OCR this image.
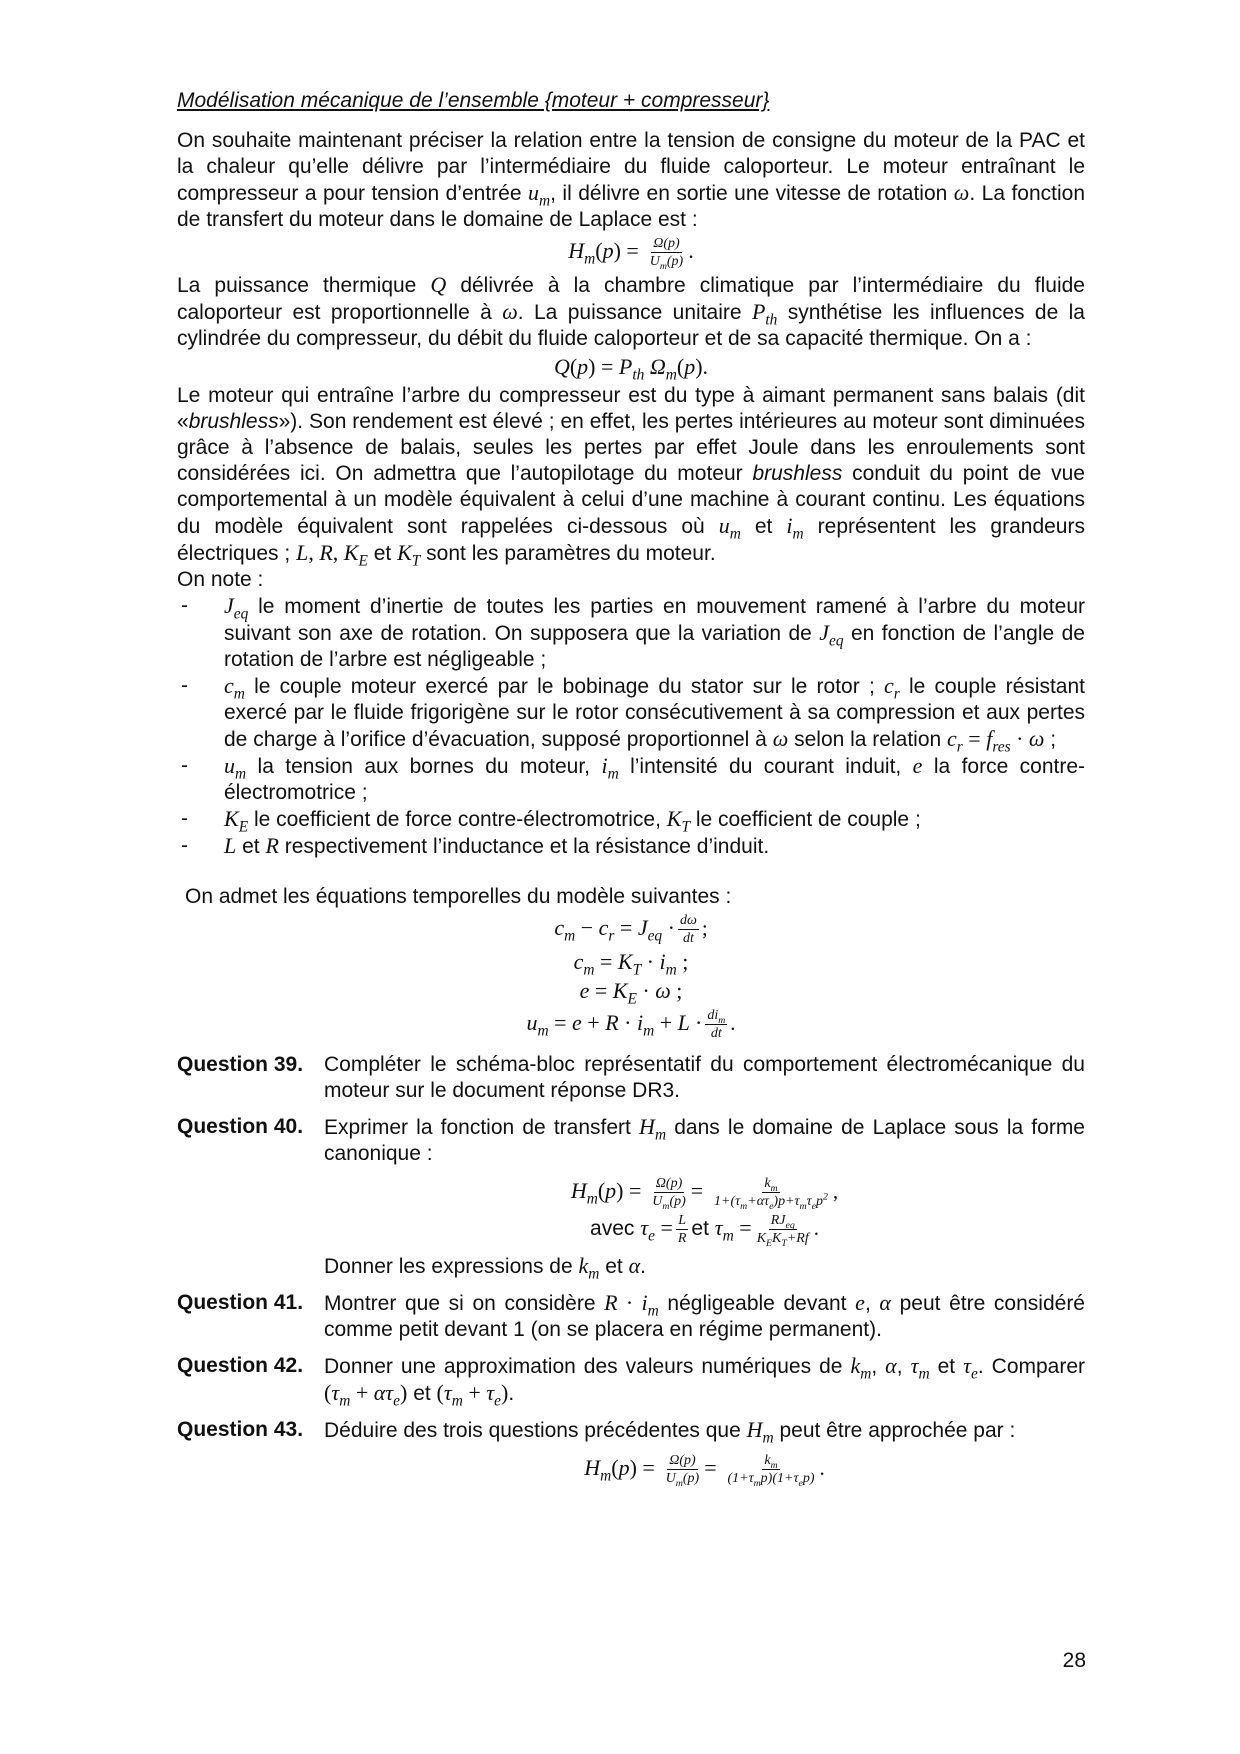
Modélisation mécanique de l’ensemble {moteur + compresseur}

On souhaite maintenant préciser la relation entre la tension de consigne du moteur de la PAC et la chaleur qu’elle délivre par l’intermédiaire du fluide caloporteur. Le moteur entraînant le compresseur a pour tension d’entrée $u_m$, il délivre en sortie une vitesse de rotation ω. La fonction de transfert du moteur dans le domaine de Laplace est :

$H_m(p) = \frac{\Omega(p)}{U_m(p)}$ .

La puissance thermique Q délivrée à la chambre climatique par l’intermédiaire du fluide caloporteur est proportionnelle à ω. La puissance unitaire $P_{th}$ synthétise les influences de la cylindrée du compresseur, du débit du fluide caloporteur et de sa capacité thermique. On a :

$Q(p) = P_{th}$ $\Omega_m(p)$.

Le moteur qui entraîne l’arbre du compresseur est du type à aimant permanent sans balais (dit «brushless»). Son rendement est élevé ; en effet, les pertes intérieures au moteur sont diminuées grâce à l’absence de balais, seules les pertes par effet Joule dans les enroulements sont considérées ici. On admettra que l’autopilotage du moteur brushless conduit du point de vue comportemental à un modèle équivalent à celui d’une machine à courant continu. Les équations du modèle équivalent sont rappelées ci-dessous où $u_m$ et $i_m$ représentent les grandeurs électriques ; L, R, $K_E$ et $K_T$ sont les paramètres du moteur.

On note :

- $J_{eq}$ le moment d’inertie de toutes les parties en mouvement ramené à l’arbre du moteur suivant son axe de rotation. On supposera que la variation de $J_{eq}$ en fonction de l’angle de rotation de l’arbre est négligeable ;
- $c_m$ le couple moteur exercé par le bobinage du stator sur le rotor ; $c_r$ le couple résistant exercé par le fluide frigorigène sur le rotor consécutivement à sa compression et aux pertes de charge à l’orifice d’évacuation, supposé proportionnel à ω selon la relation $c_r = f_{res} \cdot \omega$ ;
- $u_m$ la tension aux bornes du moteur, $i_m$ l’intensité du courant induit, e la force contre-électromotrice ;
- $K_E$ le coefficient de force contre-électromotrice, $K_T$ le coefficient de couple ;
- L et R respectivement l’inductance et la résistance d’induit.

On admet les équations temporelles du modèle suivantes :

$c_m - c_r = J_{eq} \cdot \frac{d\omega}{dt}$ ;

$c_m = K_T \cdot i_m$ ;

$e = K_E \cdot \omega$ ;

$u_m = e + R \cdot i_m + L \cdot \frac{di_m}{dt}$ .

Question 39. Compléter le schéma-bloc représentatif du comportement électromécanique du moteur sur le document réponse DR3.
Question 40. Exprimer la fonction de transfert $H_m$ dans le domaine de Laplace sous la forme canonique :
$H_m(p) = \frac{\Omega(p)}{U_m(p)} = \frac{k_m}{1+(\tau_m+\alpha\tau_e)p+\tau_m\tau_ep^2}$ ,
avec $\tau_e = \frac{L}{R}$ et $\tau_m = \frac{RJ_{eq}}{K_EK_T+Rf}$ .
Donner les expressions de $k_m$ et α.
Question 41. Montrer que si on considère $R \cdot i_m$ négligeable devant e, α peut être considéré comme petit devant 1 (on se placera en régime permanent).
Question 42. Donner une approximation des valeurs numériques de $k_m$, α, $\tau_m$ et $\tau_e$. Comparer $(\tau_m + \alpha\tau_e)$ et $(\tau_m + \tau_e)$.
Question 43. Déduire des trois questions précédentes que $H_m$ peut être approchée par :
$H_m(p) = \frac{\Omega(p)}{U_m(p)} = \frac{k_m}{(1+\tau_mp)(1+\tau_ep)}$ .
28
